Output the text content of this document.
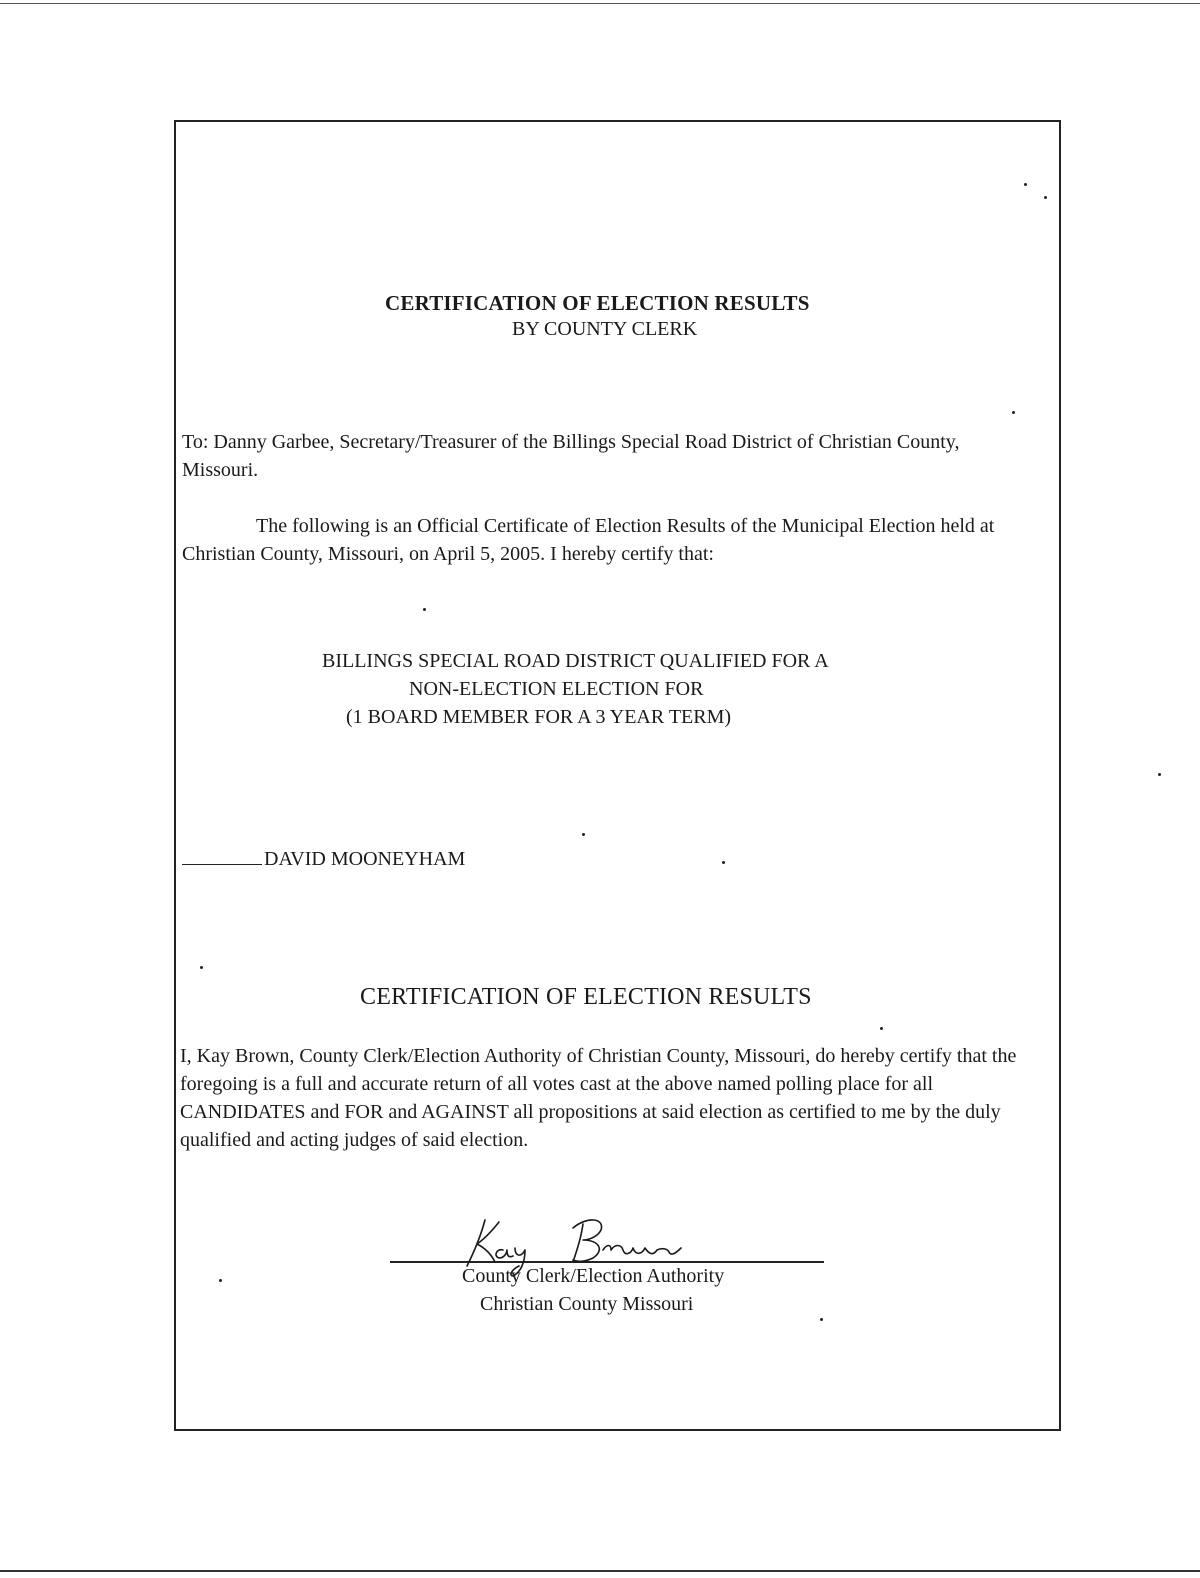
CERTIFICATION OF ELECTION RESULTS
BY COUNTY CLERK
To: Danny Garbee, Secretary/Treasurer of the Billings Special Road District of Christian County, Missouri.
The following is an Official Certificate of Election Results of the Municipal Election held at Christian County, Missouri, on April 5, 2005. I hereby certify that:
BILLINGS SPECIAL ROAD DISTRICT QUALIFIED FOR A
NON-ELECTION ELECTION FOR
(1 BOARD MEMBER FOR A 3 YEAR TERM)
DAVID MOONEYHAM
CERTIFICATION OF ELECTION RESULTS
I, Kay Brown, County Clerk/Election Authority of Christian County, Missouri, do hereby certify that the foregoing is a full and accurate return of all votes cast at the above named polling place for all CANDIDATES and FOR and AGAINST all propositions at said election as certified to me by the duly qualified and acting judges of said election.
County Clerk/Election Authority
Christian County Missouri
